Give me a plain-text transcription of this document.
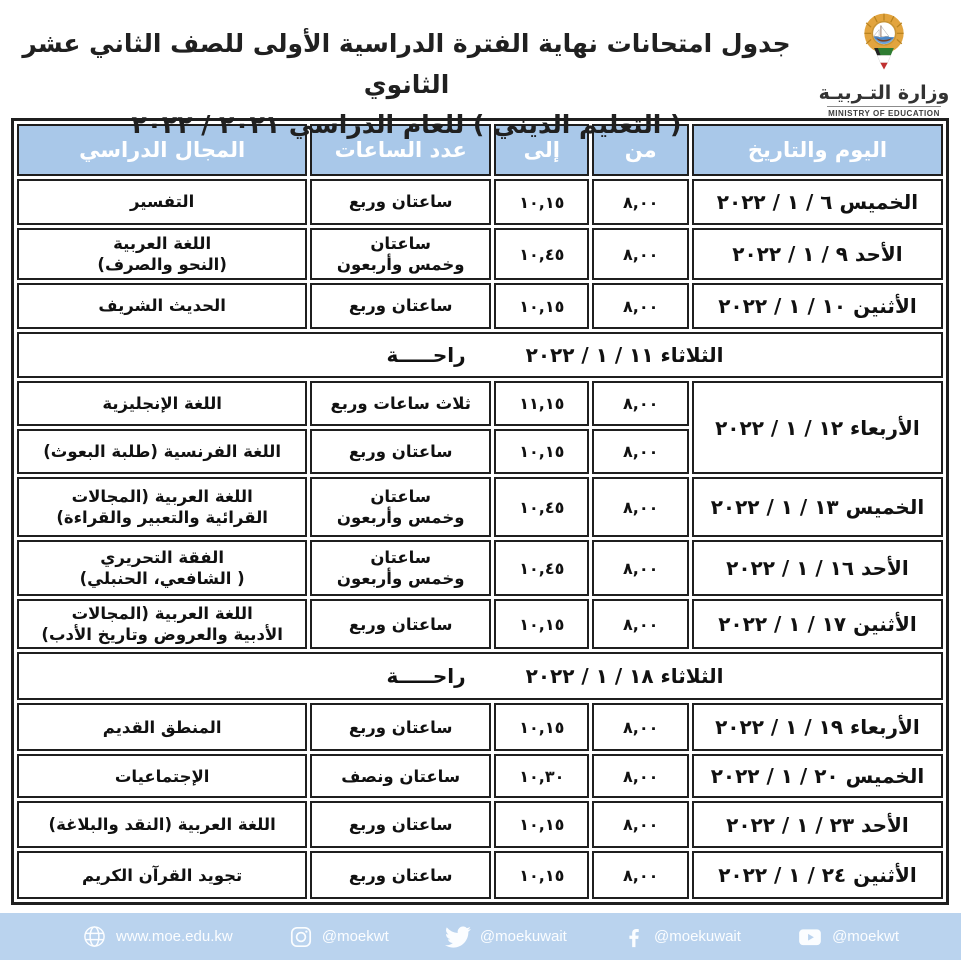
جدول امتحانات نهاية الفترة الدراسية الأولى للصف الثاني عشر الثانوي
( التعليم الديني ) للعام الدراسي ٢٠٢١ / ٢٠٢٢
وزارة التـربيـة
MINISTRY OF EDUCATION
اليوم والتاريخ	من	إلى	عدد الساعات	المجال الدراسي
الخميس ٦ / ١ / ٢٠٢٢	٨,٠٠	١٠,١٥	ساعتان وربع	التفسير
الأحد ٩ / ١ / ٢٠٢٢	٨,٠٠	١٠,٤٥	ساعتان
وخمس وأربعون	اللغة العربية
(النحو والصرف)

الأثنين ١٠ / ١ / ٢٠٢٢	٨,٠٠	١٠,١٥	ساعتان وربع	الحديث الشريف

الثلاثاء ١١ / ١ / ٢٠٢٢
راحـــــة				

الأربعاء ١٢ / ١ / ٢٠٢٢	٨,٠٠	١١,١٥	ثلاث ساعات وربع	اللغة الإنجليزية
	٨,٠٠	١٠,١٥	ساعتان وربع	اللغة الفرنسية (طلبة البعوث)
الخميس ١٣ / ١ / ٢٠٢٢	٨,٠٠	١٠,٤٥	ساعتان
وخمس وأربعون	اللغة العربية (المجالات
القرائية والتعبير والقراءة)

الأحد ١٦ / ١ / ٢٠٢٢	٨,٠٠	١٠,٤٥	ساعتان
وخمس وأربعون	الفقة التحريري
( الشافعي، الحنبلي)

الأثنين ١٧ / ١ / ٢٠٢٢	٨,٠٠	١٠,١٥	ساعتان وربع	اللغة العربية (المجالات
الأدبية والعروض وتاريخ الأدب)

الثلاثاء ١٨ / ١ / ٢٠٢٢
راحـــــة				

الأربعاء ١٩ / ١ / ٢٠٢٢	٨,٠٠	١٠,١٥	ساعتان وربع	المنطق القديم
الخميس ٢٠ / ١ / ٢٠٢٢	٨,٠٠	١٠,٣٠	ساعتان ونصف	الإجتماعيات
الأحد ٢٣ / ١ / ٢٠٢٢	٨,٠٠	١٠,١٥	ساعتان وربع	اللغة العربية (النقد والبلاغة)
الأثنين ٢٤ / ١ / ٢٠٢٢	٨,٠٠	١٠,١٥	ساعتان وربع	تجويد القرآن الكريم
www.moe.edu.kw	@moekwt	@moekuwait	@moekuwait	@moekwt
